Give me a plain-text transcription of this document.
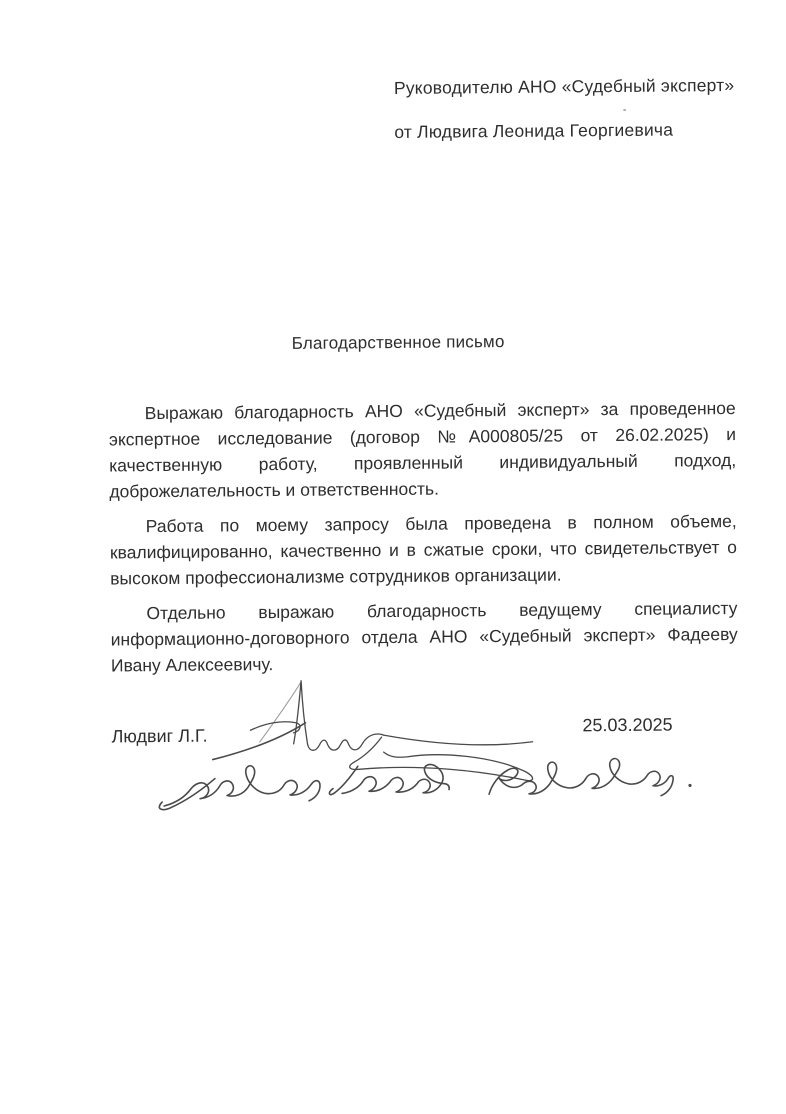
Руководителю АНО «Судебный эксперт»
от Людвига Леонида Георгиевича
Благодарственное письмо
Выражаю благодарность АНО «Судебный эксперт» за проведенное
экспертное исследование (договор №А000805/25 от 26.02.2025) и
качественную работу, проявленный индивидуальный подход,
доброжелательность и ответственность.
Работа по моему запросу была проведена в полном объеме,
квалифицированно, качественно и в сжатые сроки, что свидетельствует о
высоком профессионализме сотрудников организации.
Отдельно выражаю благодарность ведущему специалисту
информационно-договорного отдела АНО «Судебный эксперт» Фадееву
Ивану Алексеевичу.
Людвиг Л.Г.
25.03.2025
